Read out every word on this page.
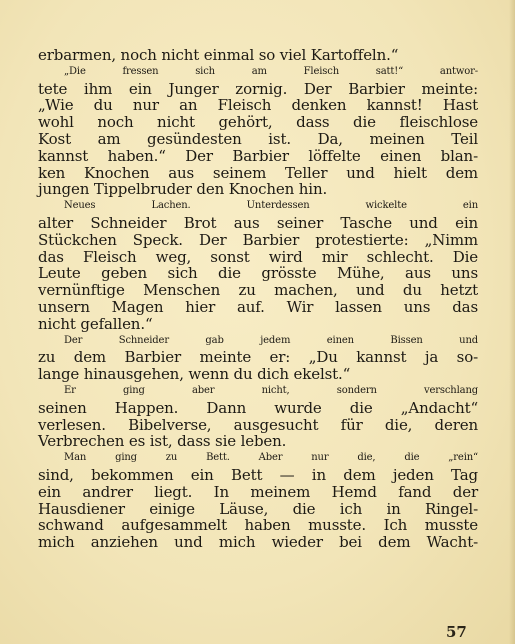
erbarmen, noch nicht einmal so viel Kartoffeln.“
„Die fressen sich am Fleisch satt!“ antwor-
tete ihm ein Junger zornig. Der Barbier meinte:
„Wie du nur an Fleisch denken kannst! Hast
wohl noch nicht gehört, dass die fleischlose
Kost am gesündesten ist. Da, meinen Teil
kannst haben.“ Der Barbier löffelte einen blan-
ken Knochen aus seinem Teller und hielt dem
jungen Tippelbruder den Knochen hin.
Neues Lachen. Unterdessen wickelte ein
alter Schneider Brot aus seiner Tasche und ein
Stückchen Speck. Der Barbier protestierte: „Nimm
das Fleisch weg, sonst wird mir schlecht. Die
Leute geben sich die grösste Mühe, aus uns
vernünftige Menschen zu machen, und du hetzt
unsern Magen hier auf. Wir lassen uns das
nicht gefallen.“
Der Schneider gab jedem einen Bissen und
zu dem Barbier meinte er: „Du kannst ja so-
lange hinausgehen, wenn du dich ekelst.“
Er ging aber nicht, sondern verschlang
seinen Happen. Dann wurde die „Andacht“
verlesen. Bibelverse, ausgesucht für die, deren
Verbrechen es ist, dass sie leben.
Man ging zu Bett. Aber nur die, die „rein“
sind, bekommen ein Bett — in dem jeden Tag
ein andrer liegt. In meinem Hemd fand der
Hausdiener einige Läuse, die ich in Ringel-
schwand aufgesammelt haben musste. Ich musste
mich anziehen und mich wieder bei dem Wacht-
57
